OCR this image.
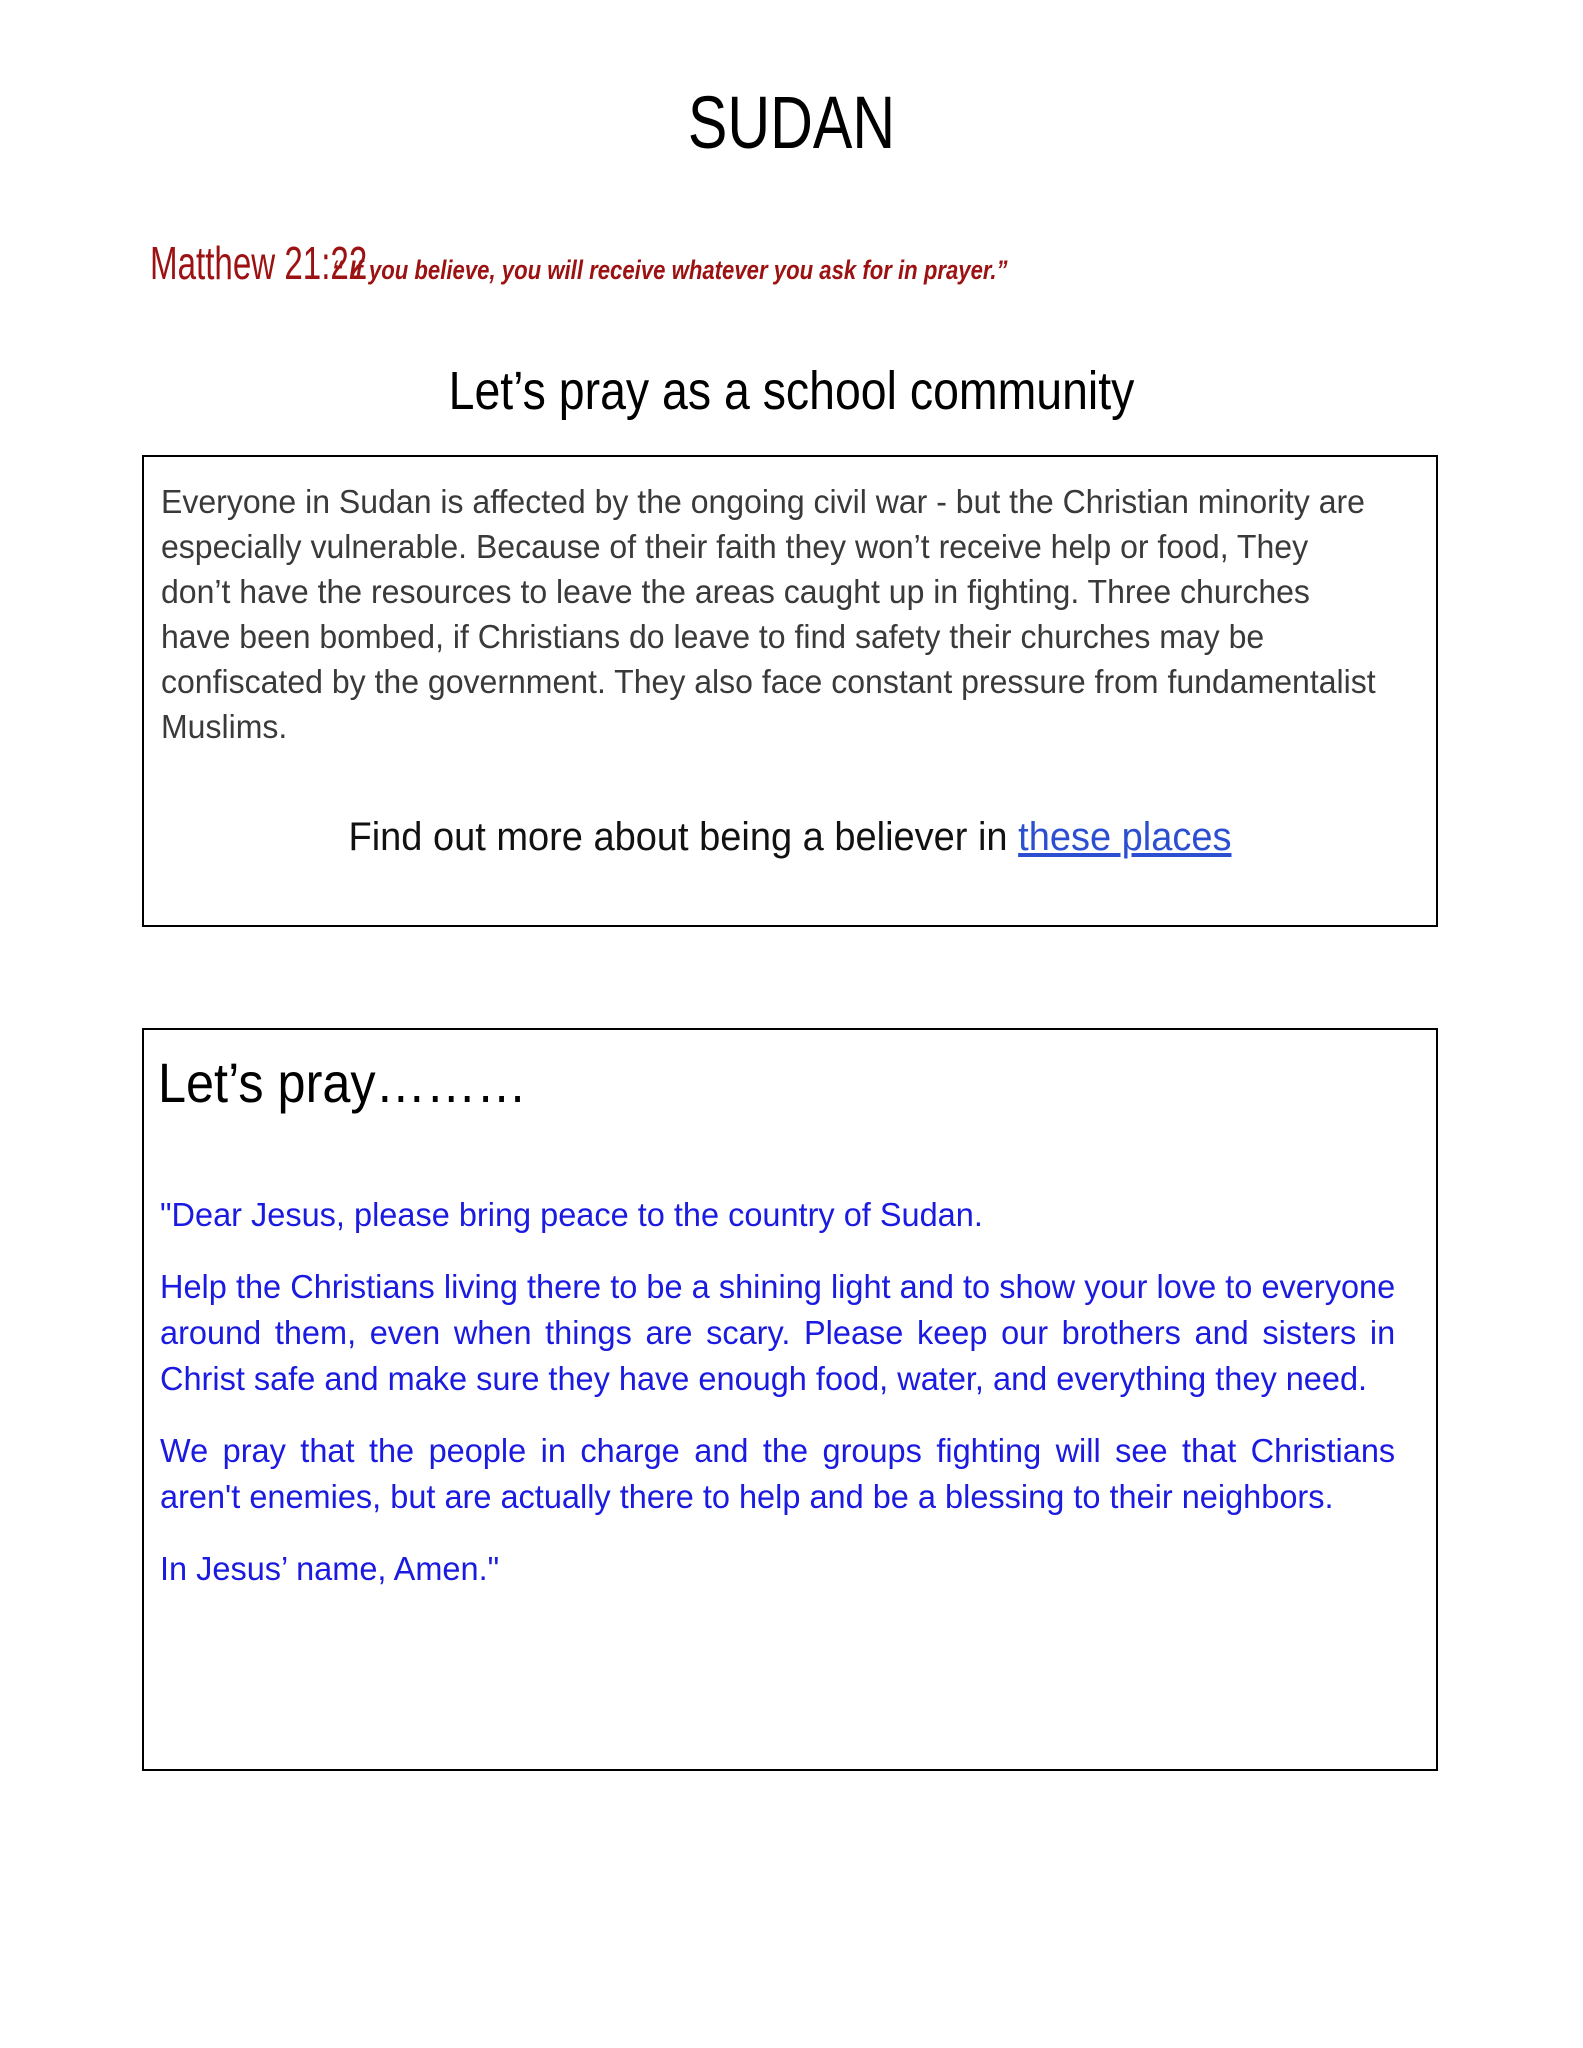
SUDAN
Matthew 21:22“ If you believe, you will receive whatever you ask for in prayer.”
Let’s pray as a school community
Everyone in Sudan is affected by the ongoing civil war - but the Christian minority are especially vulnerable. Because of their faith they won’t receive help or food, They don’t have the resources to leave the areas caught up in fighting. Three churches have been bombed, if Christians do leave to find safety their churches may be confiscated by the government. They also face constant pressure from fundamentalist Muslims.
Find out more about being a believer in these places
Let’s pray………

"Dear Jesus, please bring peace to the country of Sudan.

Help the Christians living there to be a shining light and to show your love to everyone around them, even when things are scary. Please keep our brothers and sisters in Christ safe and make sure they have enough food, water, and everything they need.

We pray that the people in charge and the groups fighting will see that Christians aren't enemies, but are actually there to help and be a blessing to their neighbors.

In Jesus’ name, Amen."
